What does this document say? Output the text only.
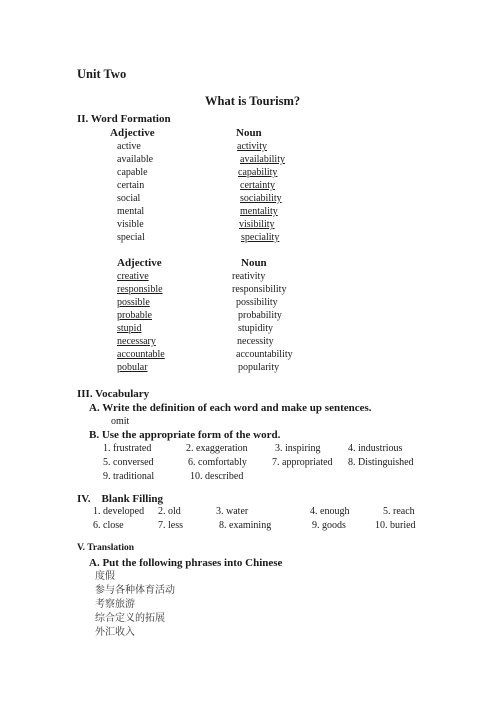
Unit Two
What is Tourism?
II. Word Formation
Adjective	Noun
active	activity
available	availability
capable	capability
certain	certainty
social	sociability
mental	mentality
visible	visibility
special	speciality
Adjective	Noun
creative	reativity
responsible	responsibility
possible	possibility
probable	probability
stupid	stupidity
necessary	necessity
accountable	accountability
pobular	popularity
III. Vocabulary
A. Write the definition of each word and make up sentences.
omit
B. Use the appropriate form of the word.
1. frustrated	2. exaggeration	3. inspiring	4. industrious
5. conversed	6. comfortably	7. appropriated 8. Distinguished
9. traditional	10. described
IV.    Blank Filling
1. developed 2. old	3. water	4. enough	5. reach
6. close	7. less	8. examining	9. goods	10. buried
V. Translation
A. Put the following phrases into Chinese
度假
参与各种体育活动
考察旅游
综合定义的拓展
外汇收入
